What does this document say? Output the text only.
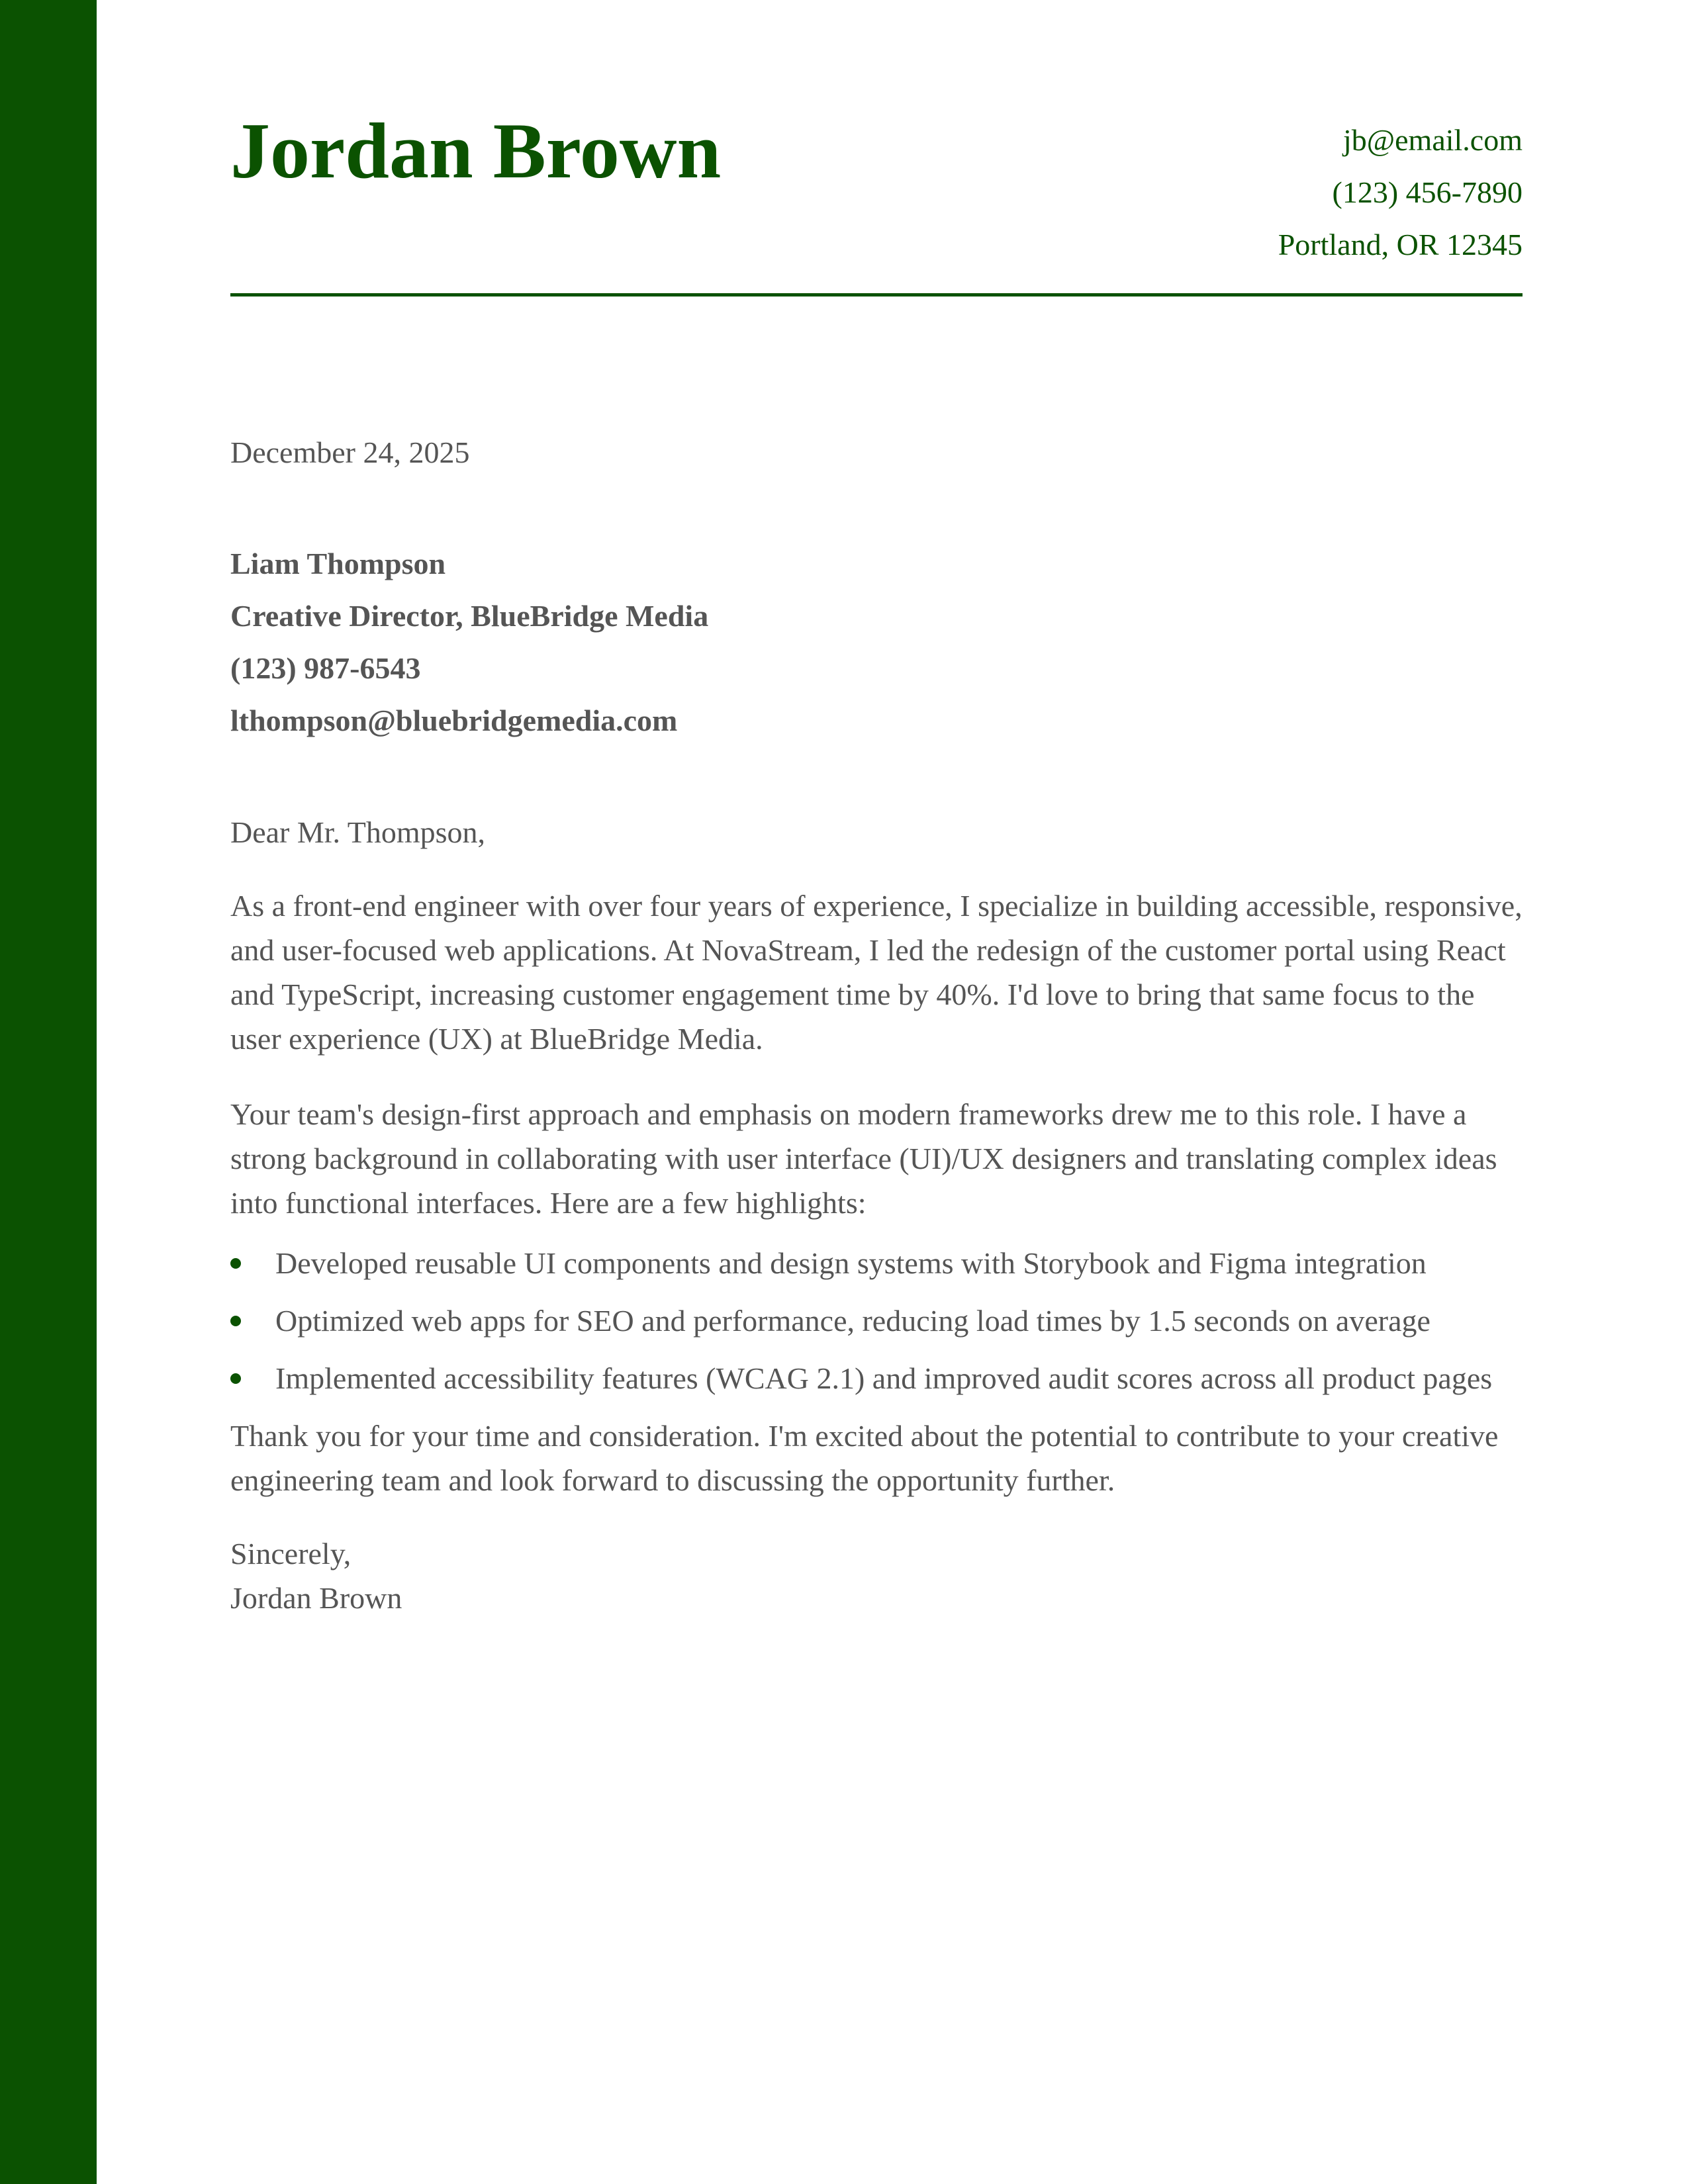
Jordan Brown	jb@email.com
(123) 456-7890
Portland, OR 12345
December 24, 2025
Liam Thompson
Creative Director, BlueBridge Media
(123) 987-6543
lthompson@bluebridgemedia.com

Dear Mr. Thompson,

As a front-end engineer with over four years of experience, I specialize in building accessible, responsive, and user-focused web applications. At NovaStream, I led the redesign of the customer portal using React and TypeScript, increasing customer engagement time by 40%. I'd love to bring that same focus to the user experience (UX) at BlueBridge Media.

Your team's design-first approach and emphasis on modern frameworks drew me to this role. I have a strong background in collaborating with user interface (UI)/UX designers and translating complex ideas into functional interfaces. Here are a few highlights:

Developed reusable UI components and design systems with Storybook and Figma integration
Optimized web apps for SEO and performance, reducing load times by 1.5 seconds on average
Implemented accessibility features (WCAG 2.1) and improved audit scores across all product pages

Thank you for your time and consideration. I'm excited about the potential to contribute to your creative engineering team and look forward to discussing the opportunity further.

Sincerely,
Jordan Brown
